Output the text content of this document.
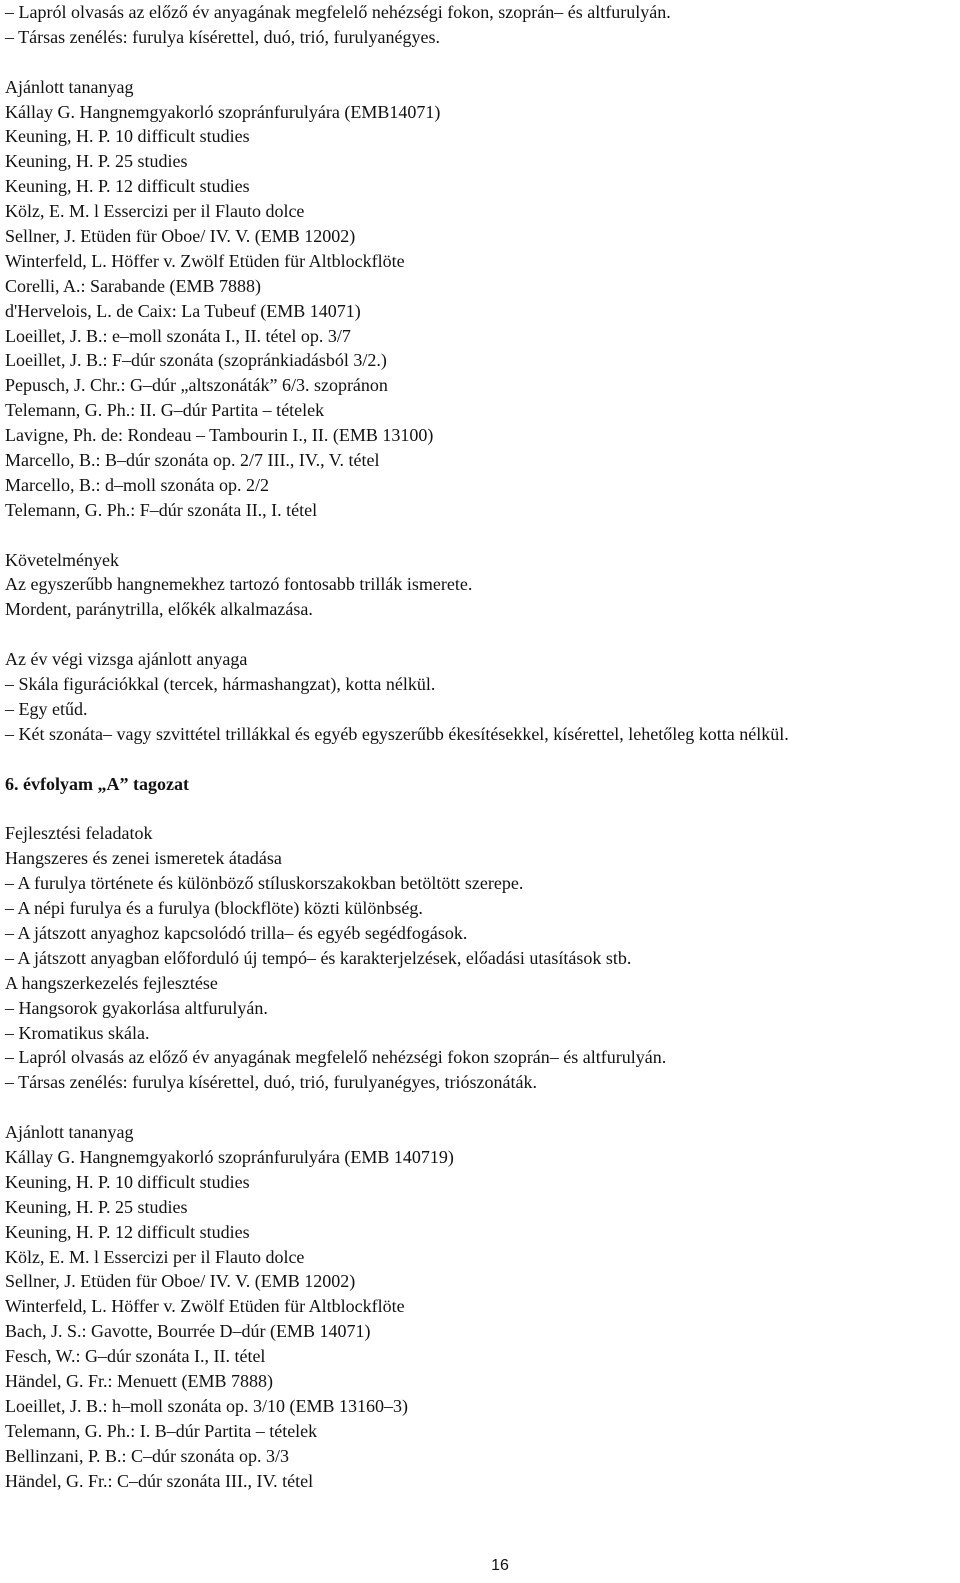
– Lapról olvasás az előző év anyagának megfelelő nehézségi fokon, szoprán– és altfurulyán.
– Társas zenélés: furulya kísérettel, duó, trió, furulyanégyes.
Ajánlott tananyag
Kállay G. Hangnemgyakorló szopránfurulyára (EMB14071)
Keuning, H. P. 10 difficult studies
Keuning, H. P. 25 studies
Keuning, H. P. 12 difficult studies
Kölz, E. M. l Essercizi per il Flauto dolce
Sellner, J. Etüden für Oboe/ IV. V. (EMB 12002)
Winterfeld, L. Höffer v. Zwölf Etüden für Altblockflöte
Corelli, A.: Sarabande (EMB 7888)
d'Hervelois, L. de Caix: La Tubeuf (EMB 14071)
Loeillet, J. B.: e–moll szonáta I., II. tétel op. 3/7
Loeillet, J. B.: F–dúr szonáta (szopránkiadásból 3/2.)
Pepusch, J. Chr.: G–dúr „altszonáták” 6/3. szopránon
Telemann, G. Ph.: II. G–dúr Partita – tételek
Lavigne, Ph. de: Rondeau – Tambourin I., II. (EMB 13100)
Marcello, B.: B–dúr szonáta op. 2/7 III., IV., V. tétel
Marcello, B.: d–moll szonáta op. 2/2
Telemann, G. Ph.: F–dúr szonáta II., I. tétel
Követelmények
Az egyszerűbb hangnemekhez tartozó fontosabb trillák ismerete.
Mordent, paránytrilla, előkék alkalmazása.
Az év végi vizsga ajánlott anyaga
– Skála figurációkkal (tercek, hármashangzat), kotta nélkül.
– Egy etűd.
– Két szonáta– vagy szvittétel trillákkal és egyéb egyszerűbb ékesítésekkel, kísérettel, lehetőleg kotta nélkül.
6. évfolyam „A” tagozat
Fejlesztési feladatok
Hangszeres és zenei ismeretek átadása
– A furulya története és különböző stíluskorszakokban betöltött szerepe.
– A népi furulya és a furulya (blockflöte) közti különbség.
– A játszott anyaghoz kapcsolódó trilla– és egyéb segédfogások.
– A játszott anyagban előforduló új tempó– és karakterjelzések, előadási utasítások stb.
A hangszerkezelés fejlesztése
– Hangsorok gyakorlása altfurulyán.
– Kromatikus skála.
– Lapról olvasás az előző év anyagának megfelelő nehézségi fokon szoprán– és altfurulyán.
– Társas zenélés: furulya kísérettel, duó, trió, furulyanégyes, triószonáták.
Ajánlott tananyag
Kállay G. Hangnemgyakorló szopránfurulyára (EMB 140719)
Keuning, H. P. 10 difficult studies
Keuning, H. P. 25 studies
Keuning, H. P. 12 difficult studies
Kölz, E. M. l Essercizi per il Flauto dolce
Sellner, J. Etüden für Oboe/ IV. V. (EMB 12002)
Winterfeld, L. Höffer v. Zwölf Etüden für Altblockflöte
Bach, J. S.: Gavotte, Bourrée D–dúr (EMB 14071)
Fesch, W.: G–dúr szonáta I., II. tétel
Händel, G. Fr.: Menuett (EMB 7888)
Loeillet, J. B.: h–moll szonáta op. 3/10 (EMB 13160–3)
Telemann, G. Ph.: I. B–dúr Partita – tételek
Bellinzani, P. B.: C–dúr szonáta op. 3/3
Händel, G. Fr.: C–dúr szonáta III., IV. tétel
16
